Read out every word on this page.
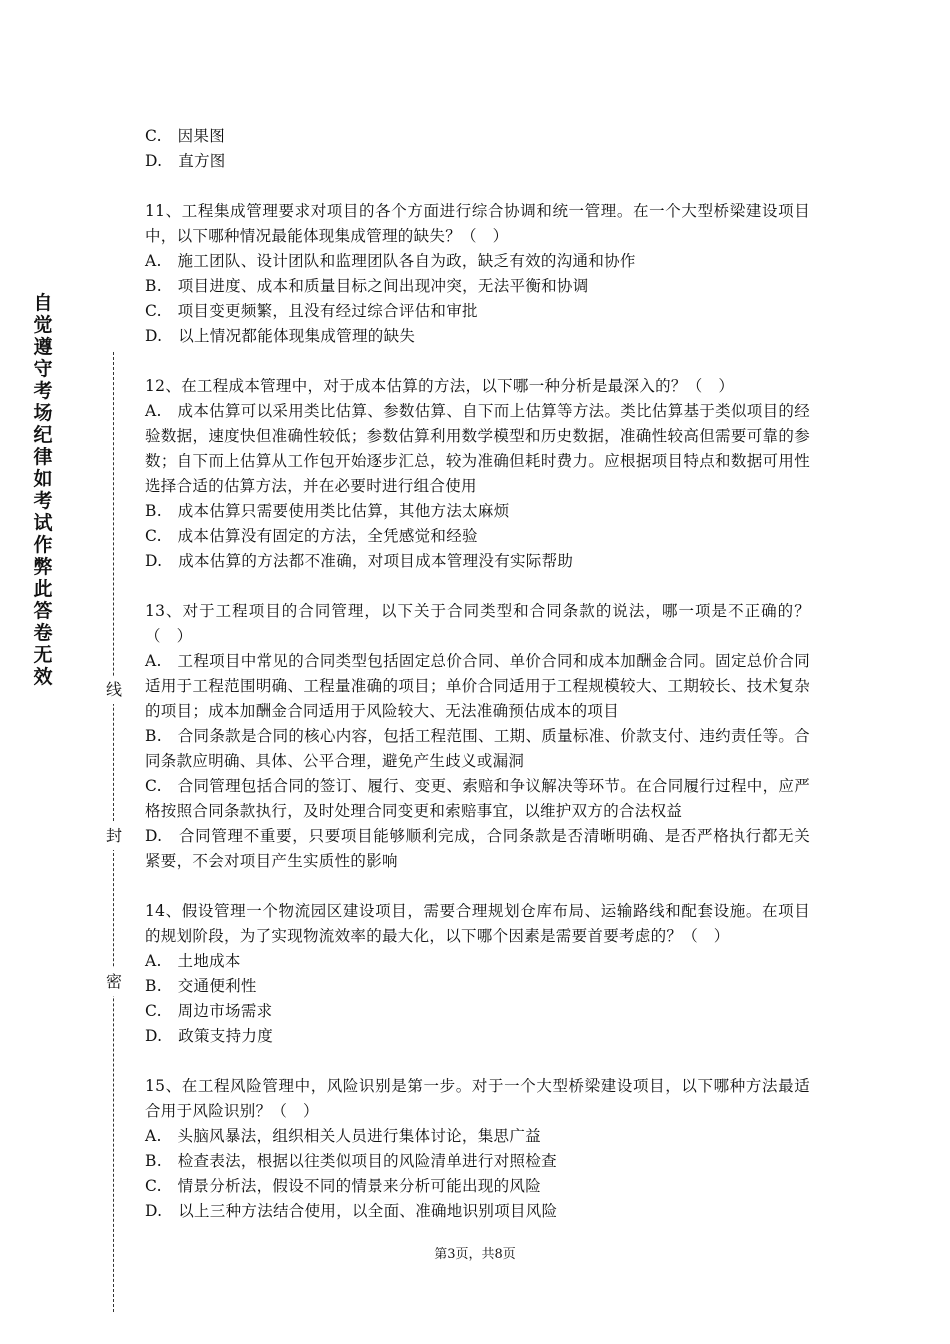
自觉遵守考场纪律如考试作弊此答卷无效
线
封
密

C.　因果图

D.　直方图

11、工程集成管理要求对项目的各个方面进行综合协调和统一管理。在一个大型桥梁建设项目中，以下哪种情况最能体现集成管理的缺失？（　）

A.　施工团队、设计团队和监理团队各自为政，缺乏有效的沟通和协作

B.　项目进度、成本和质量目标之间出现冲突，无法平衡和协调

C.　项目变更频繁，且没有经过综合评估和审批

D.　以上情况都能体现集成管理的缺失

12、在工程成本管理中，对于成本估算的方法，以下哪一种分析是最深入的？（　）

A.　成本估算可以采用类比估算、参数估算、自下而上估算等方法。类比估算基于类似项目的经验数据，速度快但准确性较低；参数估算利用数学模型和历史数据，准确性较高但需要可靠的参数；自下而上估算从工作包开始逐步汇总，较为准确但耗时费力。应根据项目特点和数据可用性选择合适的估算方法，并在必要时进行组合使用

B.　成本估算只需要使用类比估算，其他方法太麻烦

C.　成本估算没有固定的方法，全凭感觉和经验

D.　成本估算的方法都不准确，对项目成本管理没有实际帮助

13、对于工程项目的合同管理，以下关于合同类型和合同条款的说法，哪一项是不正确的？（　）

A.　工程项目中常见的合同类型包括固定总价合同、单价合同和成本加酬金合同。固定总价合同适用于工程范围明确、工程量准确的项目；单价合同适用于工程规模较大、工期较长、技术复杂的项目；成本加酬金合同适用于风险较大、无法准确预估成本的项目

B.　合同条款是合同的核心内容，包括工程范围、工期、质量标准、价款支付、违约责任等。合同条款应明确、具体、公平合理，避免产生歧义或漏洞

C.　合同管理包括合同的签订、履行、变更、索赔和争议解决等环节。在合同履行过程中，应严格按照合同条款执行，及时处理合同变更和索赔事宜，以维护双方的合法权益

D.　合同管理不重要，只要项目能够顺利完成，合同条款是否清晰明确、是否严格执行都无关紧要，不会对项目产生实质性的影响

14、假设管理一个物流园区建设项目，需要合理规划仓库布局、运输路线和配套设施。在项目的规划阶段，为了实现物流效率的最大化，以下哪个因素是需要首要考虑的？（　）

A.　土地成本

B.　交通便利性

C.　周边市场需求

D.　政策支持力度

15、在工程风险管理中，风险识别是第一步。对于一个大型桥梁建设项目，以下哪种方法最适合用于风险识别？（　）

A.　头脑风暴法，组织相关人员进行集体讨论，集思广益

B.　检查表法，根据以往类似项目的风险清单进行对照检查

C.　情景分析法，假设不同的情景来分析可能出现的风险

D.　以上三种方法结合使用，以全面、准确地识别项目风险

第3页，共8页
